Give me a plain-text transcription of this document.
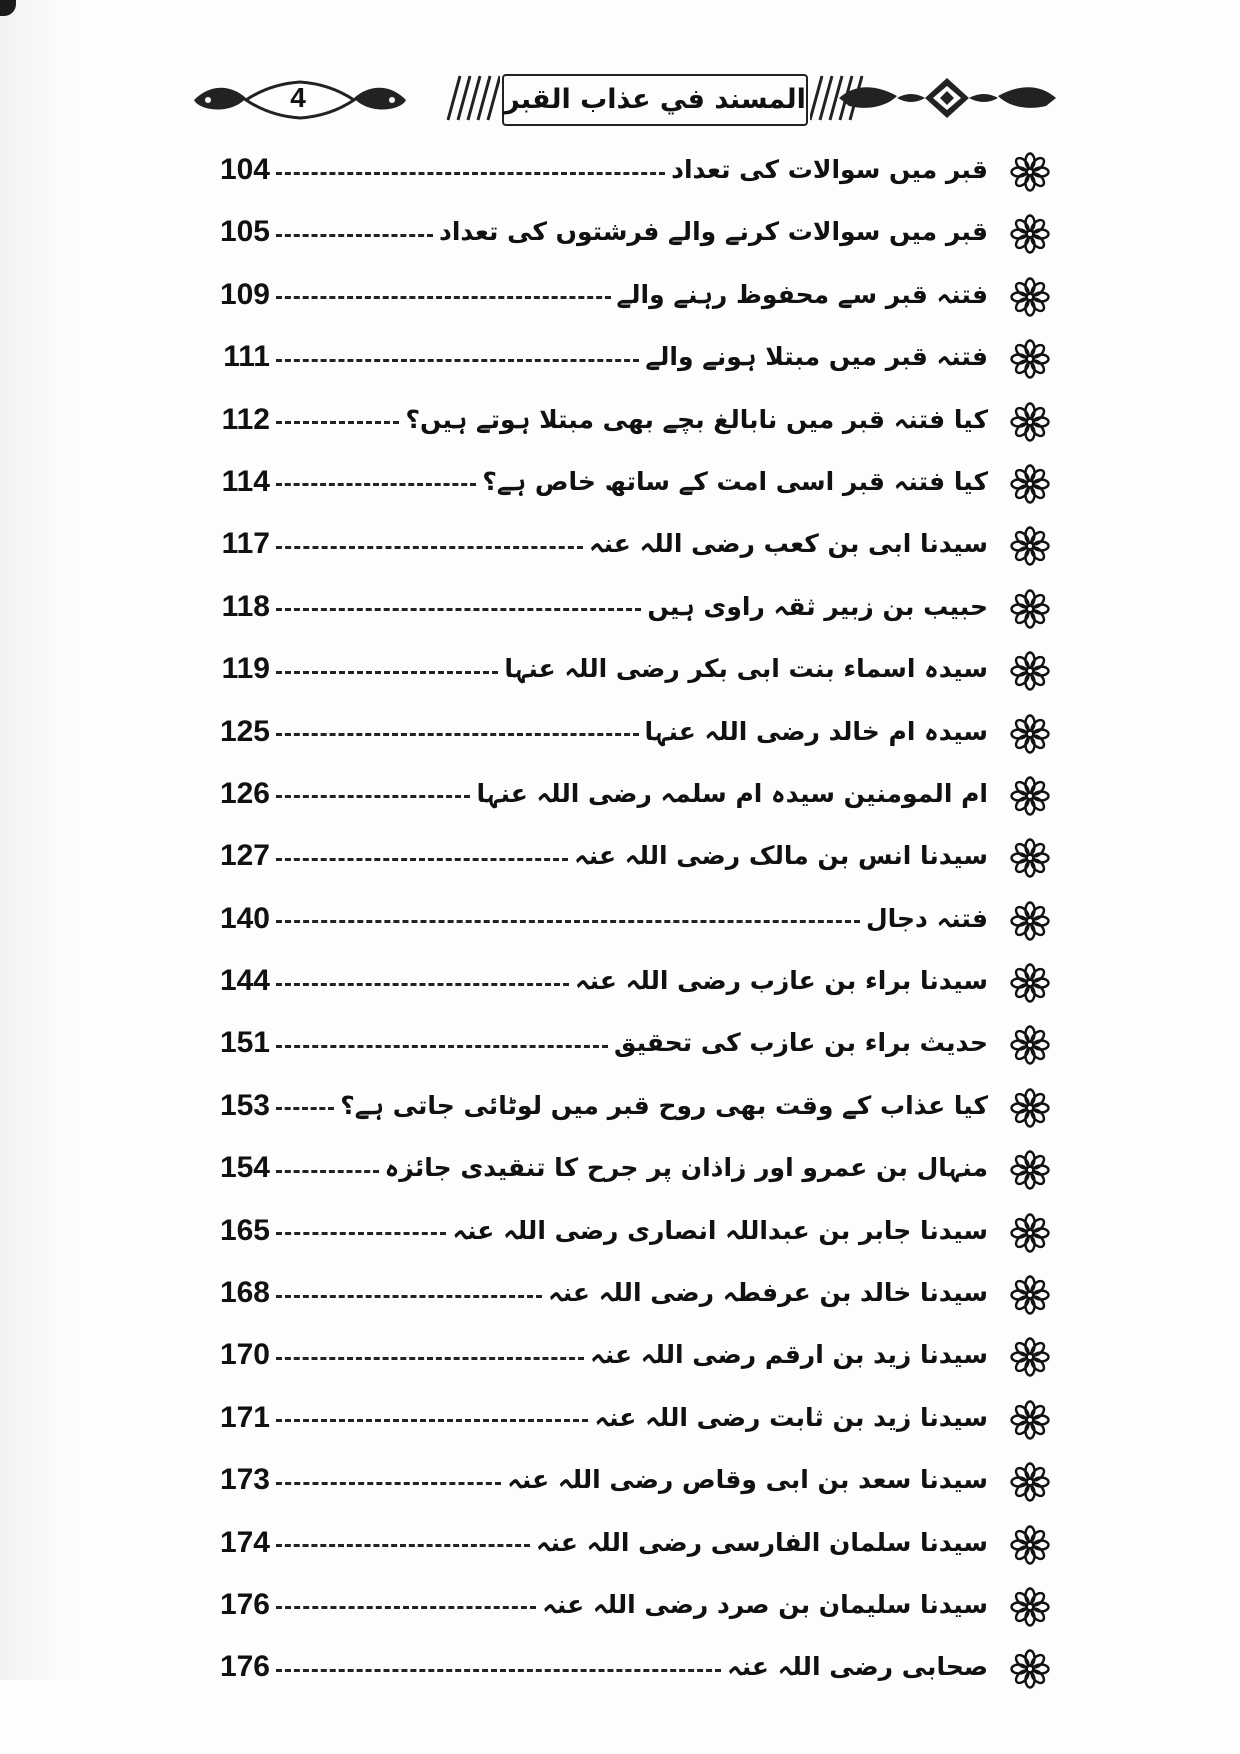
4	المسند في عذاب القبر
قبر میں سوالات کی تعداد
104
قبر میں سوالات کرنے والے فرشتوں کی تعداد
105
فتنہ قبر سے محفوظ رہنے والے
109
فتنہ قبر میں مبتلا ہونے والے
111
کیا فتنہ قبر میں نابالغ بچے بھی مبتلا ہوتے ہیں؟
112
کیا فتنہ قبر اسی امت کے ساتھ خاص ہے؟
114
سیدنا ابی بن کعب رضی اللہ عنہ
117
حبیب بن زبیر ثقہ راوی ہیں
118
سیدہ اسماء بنت ابی بکر رضی اللہ عنہا
119
سیدہ ام خالد رضی اللہ عنہا
125
ام المومنین سیدہ ام سلمہ رضی اللہ عنہا
126
سیدنا انس بن مالک رضی اللہ عنہ
127
فتنہ دجال
140
سیدنا براء بن عازب رضی اللہ عنہ
144
حدیث براء بن عازب کی تحقیق
151
کیا عذاب کے وقت بھی روح قبر میں لوٹائی جاتی ہے؟
153
منہال بن عمرو اور زاذان پر جرح کا تنقیدی جائزہ
154
سیدنا جابر بن عبداللہ انصاری رضی اللہ عنہ
165
سیدنا خالد بن عرفطہ رضی اللہ عنہ
168
سیدنا زید بن ارقم رضی اللہ عنہ
170
سیدنا زید بن ثابت رضی اللہ عنہ
171
سیدنا سعد بن ابی وقاص رضی اللہ عنہ
173
سیدنا سلمان الفارسی رضی اللہ عنہ
174
سیدنا سلیمان بن صرد رضی اللہ عنہ
176
صحابی رضی اللہ عنہ
176
